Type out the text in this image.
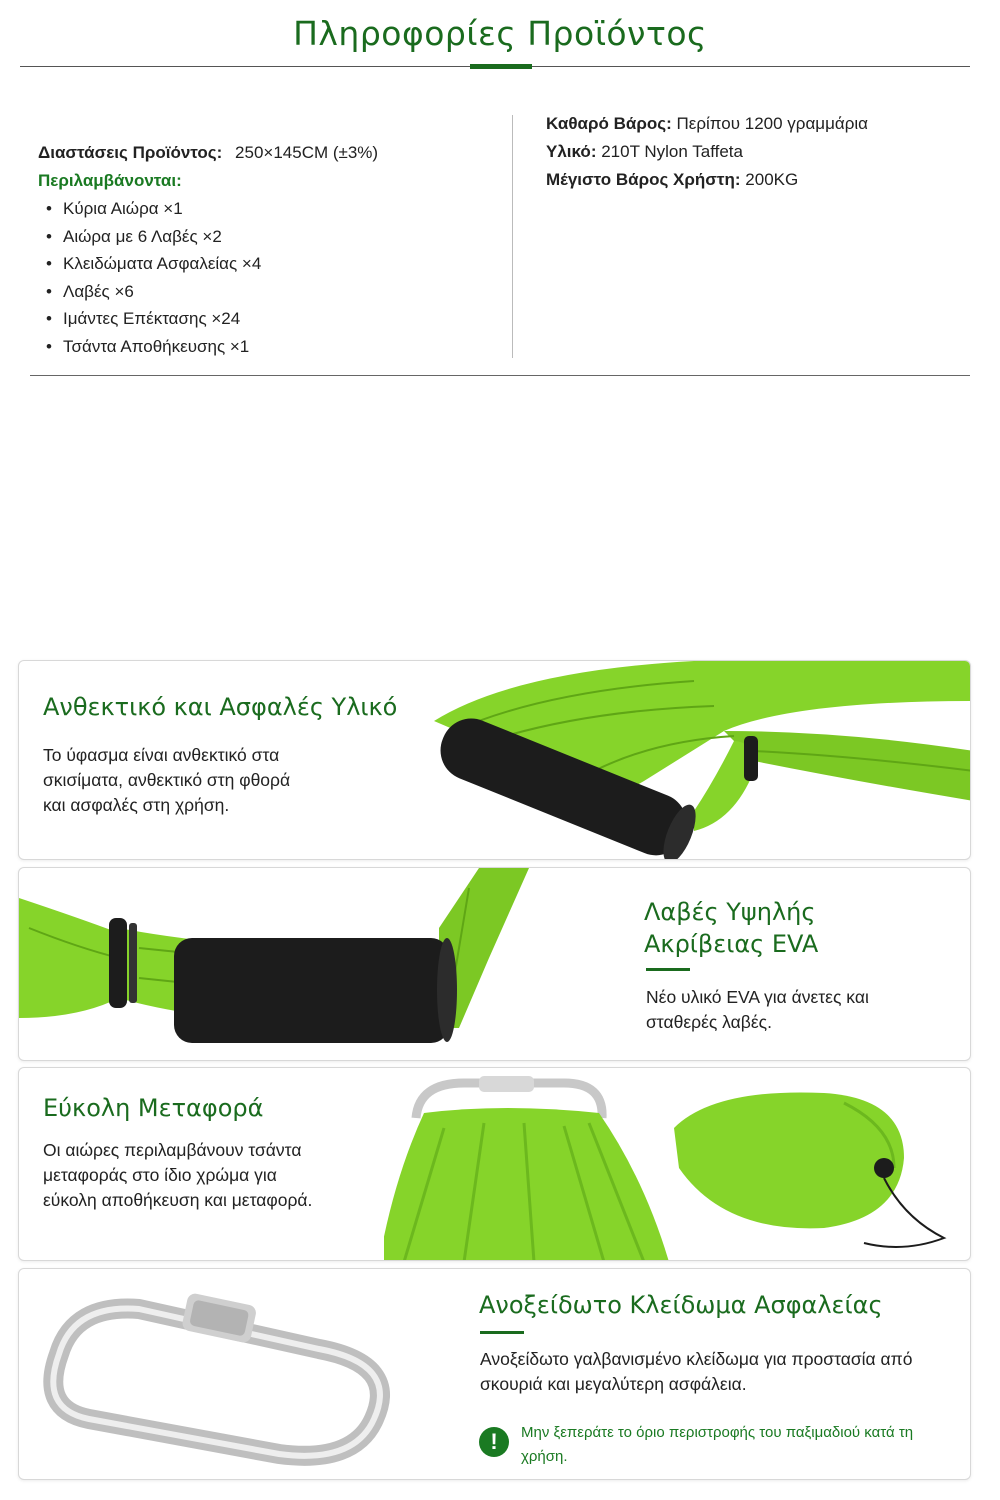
Πληροφορίες Προϊόντος
Διαστάσεις Προϊόντος: 250×145CM (±3%)
Περιλαμβάνονται:
• Κύρια Αιώρα ×1
• Αιώρα με 6 Λαβές ×2
• Κλειδώματα Ασφαλείας ×4
• Λαβές ×6
• Ιμάντες Επέκτασης ×24
• Τσάντα Αποθήκευσης ×1
Καθαρό Βάρος: Περίπου 1200 γραμμάρια
Υλικό: 210T Nylon Taffeta
Μέγιστο Βάρος Χρήστη: 200KG
Ανθεκτικό και Ασφαλές Υλικό

Το ύφασμα είναι ανθεκτικό στα σκισίματα, ανθεκτικό στη φθορά και ασφαλές στη χρήση.

Λαβές Υψηλής Ακρίβειας EVA

Νέο υλικό EVA για άνετες και σταθερές λαβές.

Εύκολη Μεταφορά

Οι αιώρες περιλαμβάνουν τσάντα μεταφοράς στο ίδιο χρώμα για εύκολη αποθήκευση και μεταφορά.

Ανοξείδωτο Κλείδωμα Ασφαλείας

Ανοξείδωτο γαλβανισμένο κλείδωμα για προστασία από σκουριά και μεγαλύτερη ασφάλεια.

!	Μην ξεπεράτε το όριο περιστροφής του παξιμαδιού κατά τη χρήση.
